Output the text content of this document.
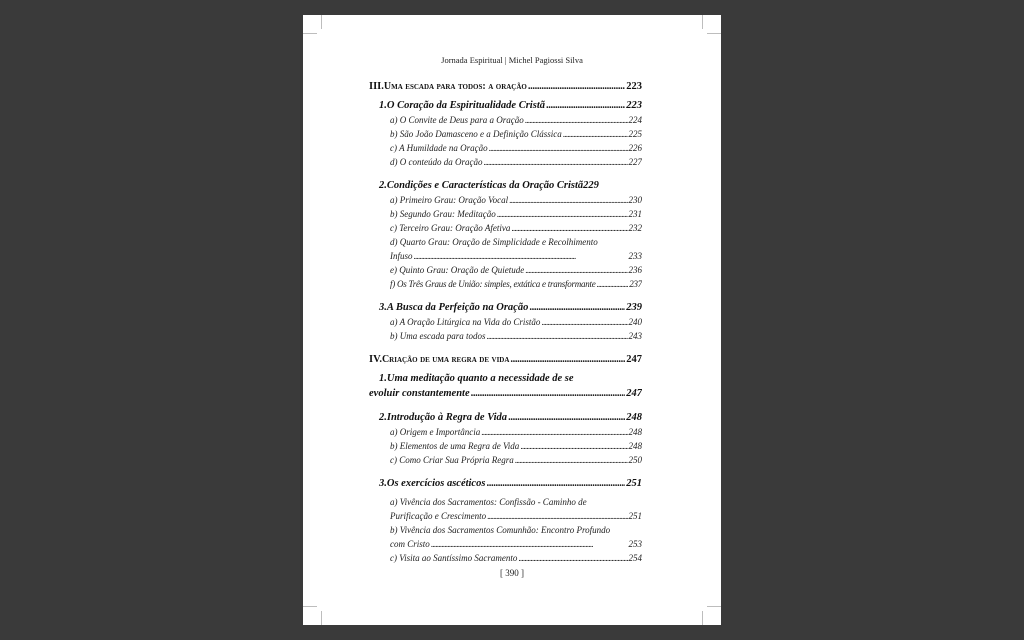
Jornada Espiritual | Michel Pagiossi Silva
III. Uma escada para todos: a oração . . .	223
1.O Coração da Espiritualidade Cristã . . .	223
a) O Convite de Deus para a Oração . . .	224
b) São João Damasceno e a Definição Clássica . . .	225
c) A Humildade na Oração . . .	226
d) O conteúdo da Oração . . .	227
2.Condições e Características da Oração Cristã 229
a) Primeiro Grau: Oração Vocal . . .	230
b) Segundo Grau: Meditação . . .	231
c) Terceiro Grau: Oração Afetiva . . .	232
d) Quarto Grau: Oração de Simplicidade e Recolhimento
Infuso . . .	233
e) Quinto Grau: Oração de Quietude . . .	236
f) Os Três Graus de União: simples, extática e transformante . . .	237
3.A Busca da Perfeição na Oração . . .	239
a) A Oração Litúrgica na Vida do Cristão . . .	240
b) Uma escada para todos . . .	243
IV. Criação de uma regra de vida . . .	247
1.Uma meditação quanto a necessidade de se
evoluir constantemente . . .	247
2.Introdução à Regra de Vida . . .	248
a) Origem e Importância . . .	248
b) Elementos de uma Regra de Vida . . .	248
c) Como Criar Sua Própria Regra . . .	250
3.Os exercícios ascéticos . . .	251
a) Vivência dos Sacramentos: Confissão - Caminho de
Purificação e Crescimento . . .	251
b) Vivência dos Sacramentos Comunhão: Encontro Profundo
com Cristo . . .	253
c) Visita ao Santíssimo Sacramento . . .	254
[ 390 ]
